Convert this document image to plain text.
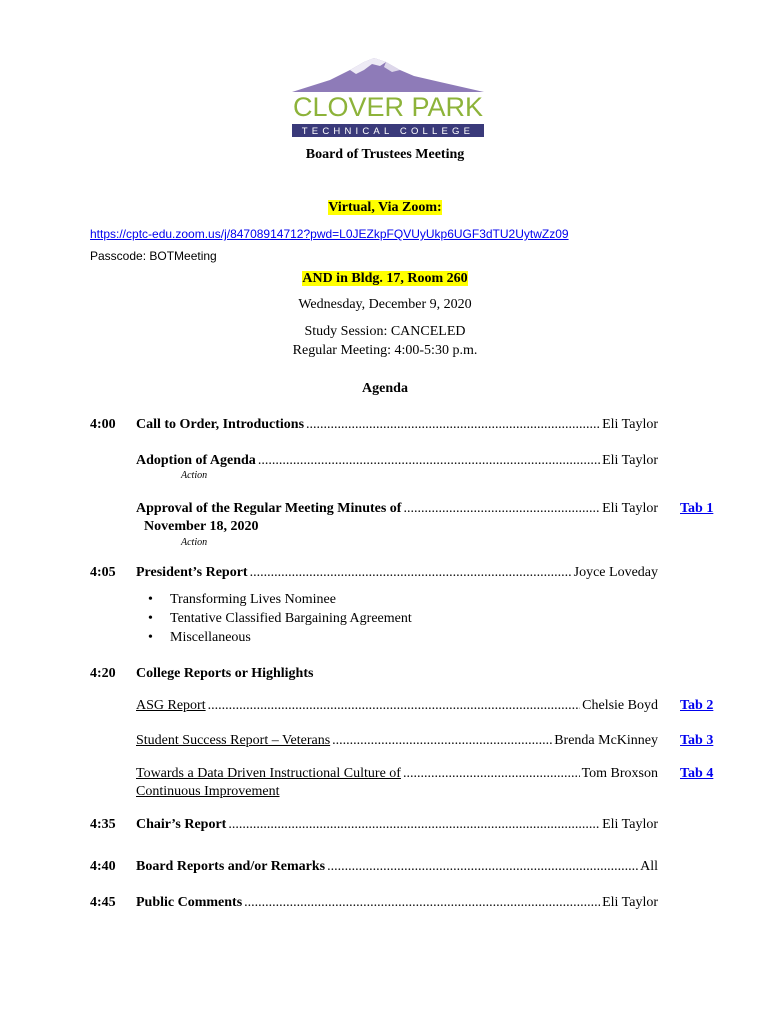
CLOVER PARK
TECHNICAL COLLEGE
Board of Trustees Meeting
Virtual, Via Zoom:
https://cptc-edu.zoom.us/j/84708914712?pwd=L0JEZkpFQVUyUkp6UGF3dTU2UytwZz09
Passcode: BOTMeeting
AND in Bldg. 17, Room 260
Wednesday, December 9, 2020
Study Session: CANCELED
Regular Meeting: 4:00-5:30 p.m.
Agenda
4:00 Call to Order, Introductions .....	Eli Taylor
Adoption of Agenda .....	Eli Taylor
Action
Approval of the Regular Meeting Minutes of .....	Eli Taylor
November 18, 2020
Action
Tab 1
4:05 President’s Report .....	Joyce Loveday
• Transforming Lives Nominee
• Tentative Classified Bargaining Agreement
• Miscellaneous
4:20 College Reports or Highlights
ASG Report .....	Chelsie Boyd Tab 2
Student Success Report – Veterans .....	Brenda McKinney Tab 3
Towards a Data Driven Instructional Culture of .....	Tom Broxson
Continuous Improvement
Tab 4
4:35 Chair’s Report .....	Eli Taylor
4:40 Board Reports and/or Remarks .....	All
4:45 Public Comments .....	Eli Taylor
